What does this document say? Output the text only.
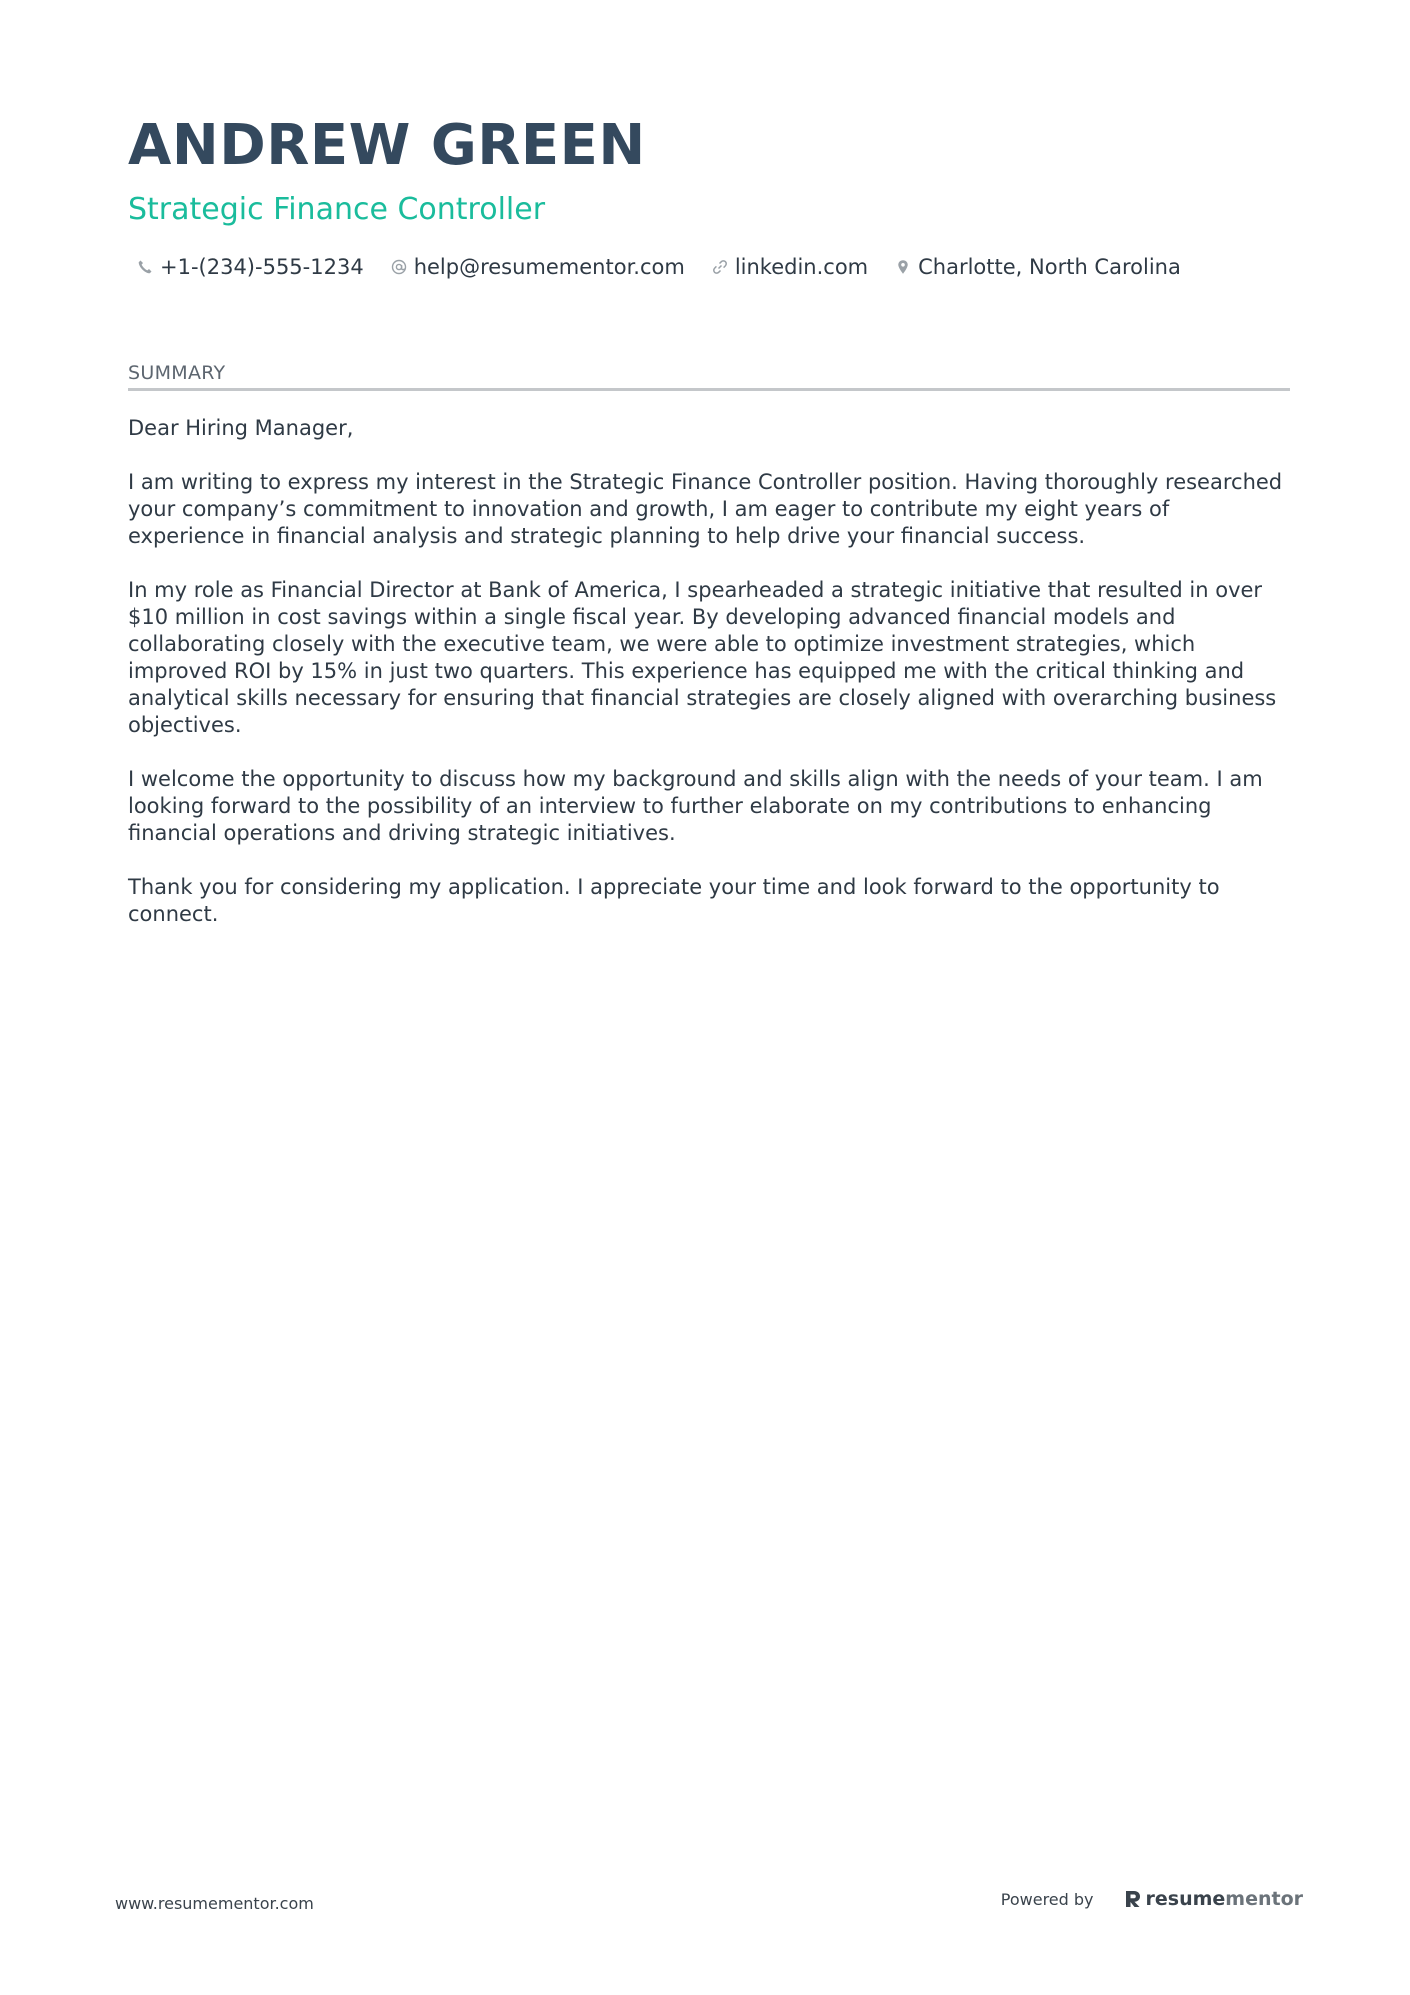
ANDREW GREEN
Strategic Finance Controller
+1-(234)-555-1234 help@resumementor.com linkedin.com Charlotte, North Carolina
SUMMARY

Dear Hiring Manager,

I am writing to express my interest in the Strategic Finance Controller position. Having thoroughly researched your company’s commitment to innovation and growth, I am eager to contribute my eight years of experience in financial analysis and strategic planning to help drive your financial success.

In my role as Financial Director at Bank of America, I spearheaded a strategic initiative that resulted in over $10 million in cost savings within a single fiscal year. By developing advanced financial models and collaborating closely with the executive team, we were able to optimize investment strategies, which improved ROI by 15% in just two quarters. This experience has equipped me with the critical thinking and analytical skills necessary for ensuring that financial strategies are closely aligned with overarching business objectives.

I welcome the opportunity to discuss how my background and skills align with the needs of your team. I am looking forward to the possibility of an interview to further elaborate on my contributions to enhancing financial operations and driving strategic initiatives.

Thank you for considering my application. I appreciate your time and look forward to the opportunity to connect.

www.resumementor.com	Powered by	resume mentor
